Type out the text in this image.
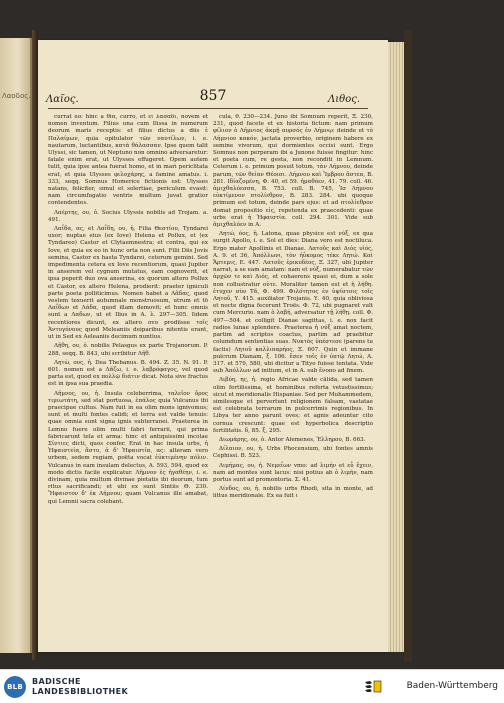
Λαοδος. Λαῖος.	857	Λιθος.

currat eo: hinc a θiα, curro, et εἰ λασαδι, novem et nomen inventum. Filius una cum Ilissa in numerum deorum maris receptis: et filius dictus a diis ἐ Παλαίμων, quia opitulator τῶν ναυτίλων, i. e. nautarum, luctantibus, κατὰ θάλασσαν. Ipse quem talit Ulyssi, sic tamen, ut Neptuno non omnino adversaretur: fatale enim erat, ut Ulysses effugeret. Opem autem tulit, quia ipse antea fuerat homo, et in mari periclitata erat, et quia Ulysses φιλοχάρης, a famine amatus. i. 333, seqq. Somnus Homerice fictionis est: Ulysses natans, feliciter, simul et solertiae, periculum evasit: nam circumfugatio ventris multum juvat gratior contendentes.

Λαέρτης, ου, ὁ. Socius Ulyssis nobilis ad Trojam. a. 491.

Λαΐδα, ας, et Λαΐδη, ου, ἡ. Filia Θεστίου, Tyndarei uxor; nuptae eius (ex Iove) Helena et Pollux, et (ex Tyndareo) Castor et Clytaemnestra; et contra, qui ex Iove, et quia ex eo in hunc orta non sunt. Filii Diis Jovis semina, Castor ex hasta Tyndarei, ceterum gemini. Sed impedimenta cetera ex Iove recentiorum, quasi Jupiter in anserem vel cygnum mutatus, eam cognoverit, et ipsa peperit duo ova anserina, ex quorum altero Pollux et Castor, ex altero Helena, prodierit: praeter igniculi parte poeta polliticimus. Nomen habet a Λᾶδας, quod vestem texuerit autumnale monstruosum, utrum et tō Λαΐδων et Λάδα, quod illam demovit; et hunc omnis sunt a Λαδων, ut et Ilius in A. λ. 297—305. Iidem recentiores dicunt, ex altero ovo prodiisse τοῖς Ἀντυγόνους quod Meleaniis deiparibus nitentis erant, ut in Sed ex Aeleaniis decimum nuntius.

Λῆθη, ου, ὁ. nobilis Pelasgus ex parte Trojanorum. P. 288, seqq. B. 843, ubi scribitur Λῆθ.

Λητὼ, ους, ἡ. Dea Thebanus. B. 494. Z. 35. N. 91. P. 601. nomen est a Λᾶζω, i. e. λαβρόφαγος, vel quod parta est, quod ex πολλῷ διάτιν dicat. Nota sive fractus est in ipsa sua praedia.

Λῆμνος, ου, ἡ. Insula celeberrima, ταλεῖον ὄρος τιμιωτάτη, sed stat portuosa, ἐπάλος quia Vulcanus ibi praecipue cultus. Nam fuit in ea olim mons ignivomus; sunt et multi fontes calidi; et terra est valde tenuis: quae omnia sunt signa ignis subterranei. Praeterea in Lemno fuere olim multi fabri ferrarii, qui prima fabricarunt tela et arma: hinc et antiquissimi incolae Σίντιες dicti, quos confer. Erat in hac insula urbs, ἡ Ἡφαιστεία, ἄστυ, ἀ δ' Ἡφαιστία, ας: alteram vero urbem, sedem regiam, poëta vocat ἐϋκτιμένην πόλιν. Vulcanus in eam insulam delectus, A. 593, 594, quod ex modo dictis facile explicatur. Λῆμνον ἐς ἠγαθέην, i. e. divinam, quia multum divinae pietatis ibi deorum, tum ritus sacrificandi; et ubi ex sunt Sintiis Θ. 230. Ἥφαιστον δ' ἐκ Λήμνου; quam Vulcanus ille amabat, qui Lemnii sacra colebant.

cula, θ. 230—234. Juno ibi Somnum reperit, Ξ. 230, 231, quod facete et ex historia fictum: nam primum φίλιον ὁ Λήμνιος ἀκμῇ πυρσός ἐν Λήμνῳ: deinde et τὸ Λήμνιον κακόν, jactata proverbio, originem habere ex semine vivorum, qui dormientes occisi sunt. Ergo Somnus non perperam ibi a Junone fuisse fingitur: hinc et poeta cum, re gesta, non reconditi in Lemnum. Ceterum i. e. primum posuit totum, τὰν Λήμνου, deinde parum, τῶν θείαν Θέοισι. Λήμνου καὶ Ἴμβρου ἅστεα, B. 281. Ιδίαζομένη, Φ. 40, et 59. ἠμαθόεν, 41. 79. coll. 46. ἀμιχθαλόεσσα, B. 753. coll. B. 745, Ἰσ Λήμνου εὐκτίμενον πτολίεθρον, B. 283. 284. ubi quoque primum est totum, deinde pars ejus: et ad πτολίεθρον domat propositio εἰς, repetenda ex praecedenti: quae urbs erat ἡ Ἡφαιστία. coll. 294. 301. Vide sub ἀμιχθαλόεν in A.

Λητώ, όος, ἡ. Latona, quae physice est νύξ, ex qua surgit Apollo, i. e. Sol et dies: Diana vero est noctiluca. Ergo mater Apollinis et Dianae. Λατοῦς καὶ Διὸς υἱός, A. 9. et 36, Ἀπόλλωνι, τὸν ἠΰκομος τέκε Λητώ. Καὶ Ἄρτεμις, Ε. 447. Λατοῦς ἐρικυδέος, Ξ. 327, ubi Jupiter narrat, a se eam amatam: nam et νύξ, numerabatur τῶν ἀρχῶν τε καὶ Διός, et cohaerens quasi ei, dum a sole non collustratur οὐτε. Moraliter tamen est et ἡ λήθη. ἐτυχεν σὺν Τᾶ, Φ. 499. Φιλότητος ἐν ὑψίστοις τοῖς Λητοῦ, Υ. 415. auxiliator Trojanis. Υ. 40, quia obliviosa et nocte digna fecerunt Troës. Φ. 72, ubi pugnaret vult cum Mercurio. nam ὁ λαβή, adversatur τῇ λήθῃ. coll. Φ. 497—504. et colligit Dianae sagittas, i. e. nox facit radios lunae splendere. Praeterea ἡ νύξ amat noctem, partim ad scriptos coactus, partim ad praebitur columdum sententias suas. Νυκτὸς ὑπέστεσε (parens tu factis) Λητοῦ καλλιπαρήος, Ξ. 607. Quin et immane pulcrum Dianam, ξ. 106. ἔσεν τοῖς ἐν ὑπτῷ Λητώ, A. 317. et 579, 580, ubi dicitur a Tityo fuisse tentata. Vide sub Ἀπόλλων ad initium, et in A. sub ἔνοπο ad finem.

Λιβύη, ης, ἡ. regio Africae valde cālida, sed tamen olim fertilissima, et hominibus referta vetustissimus; sicut et meridionalis Hispaniae. Sed per Muhammedem, similesque et pervertunt religionem falsam, vastatae est celebrata terrarum in pulcerrimis regionibus. In Libya ter anno parunt oves; et agnis adeuntur cito cornua crescunt: quae est hyperbolica descriptio fertilitatis. δ, 85. ξ, 295.

Διωμάρης, ου, ὁ. Antor Alemenes, Ἑλληρου, Β. 663.

Δίλαιον, ου, ἡ. Urbs Phocensium, ubi fontes amnis Cephissi. B. 523.

Λιμήμας, ου, ἡ. Νεμεΐων vmo: ad λιμήν et εὖ ἔχειν, nam ad montes sunt lacus: nisi potius ab ὁ λιμήν, nam portus sunt ad promontoria. Σ. 41.

Λίνδος, ου, ἡ. nobilis urbs Rhodi, sita in monte, ad littus meridionale. Ex ea fuit ι

BLB
BADISCHE
LANDESBIBLIOTHEK
Baden-Württemberg
